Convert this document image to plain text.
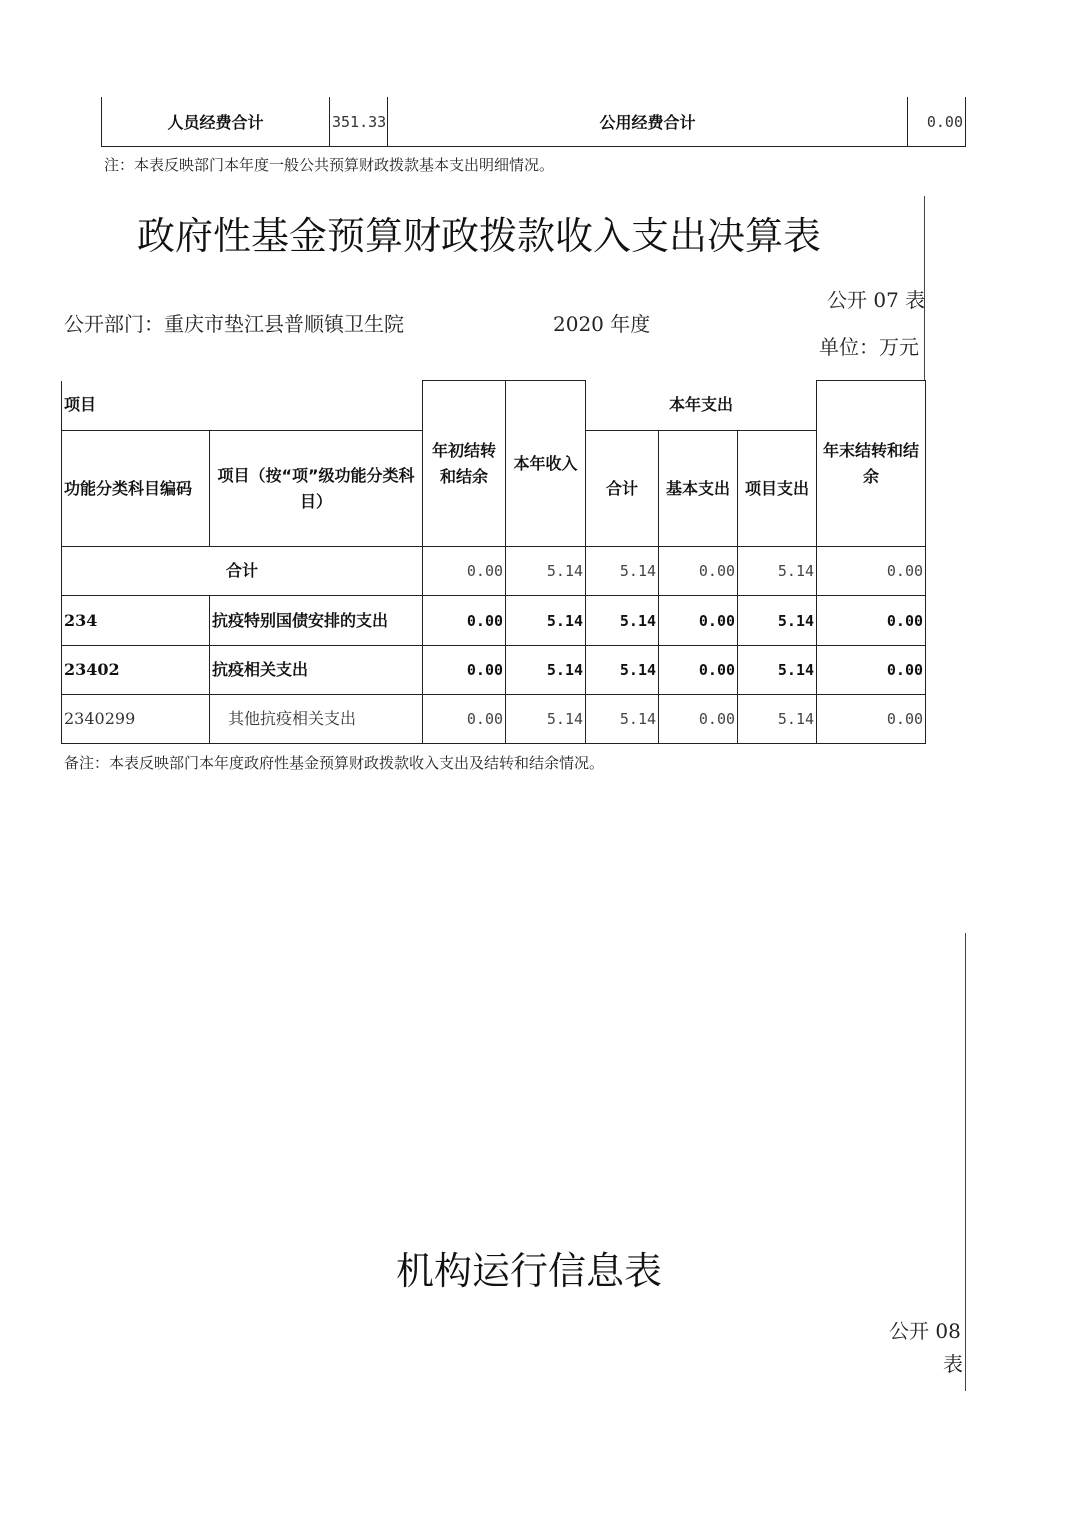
人员经费合计	351.33	公用经费合计	0.00
注：本表反映部门本年度一般公共预算财政拨款基本支出明细情况。
政府性基金预算财政拨款收入支出决算表
公开 07 表
公开部门：重庆市垫江县普顺镇卫生院	2020 年度
单位：万元
项目		年初结转和结余	本年收入	本年支出			年末结转和结余
功能分类科目编码	项目（按“项”级功能分类科目）			合计	基本支出	项目支出	
合计		0.00	5.14	5.14	0.00	5.14	0.00
234	抗疫特别国债安排的支出	0.00	5.14	5.14	0.00	5.14	0.00
23402	抗疫相关支出	0.00	5.14	5.14	0.00	5.14	0.00
2340299	其他抗疫相关支出	0.00	5.14	5.14	0.00	5.14	0.00
备注：本表反映部门本年度政府性基金预算财政拨款收入支出及结转和结余情况。
机构运行信息表
公开 08
表
